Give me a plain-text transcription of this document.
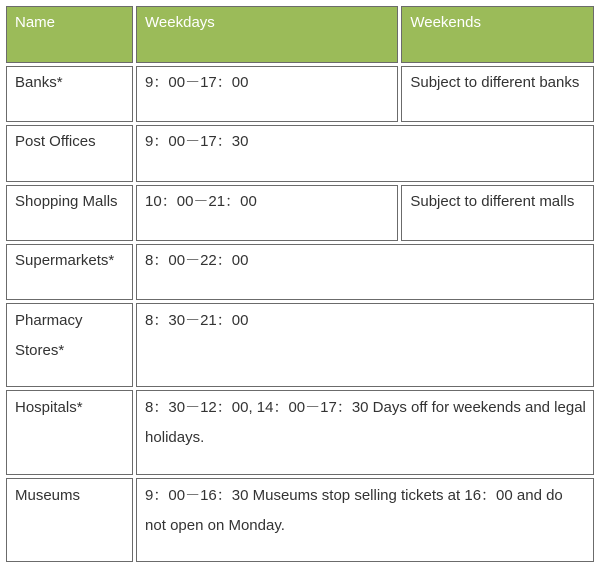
Name	Weekdays	Weekends
Banks*	9：00－17：00	Subject to different banks
Post Offices	9：00－17：30	
Shopping Malls	10：00－21：00	Subject to different malls
Supermarkets*	8：00－22：00	
Pharmacy Stores*	8：30－21：00	
Hospitals*	8：30－12：00, 14：00－17：30 Days off for weekends and legal holidays.	
Museums	9：00－16：30 Museums stop selling tickets at 16：00 and do not open on Monday.	
